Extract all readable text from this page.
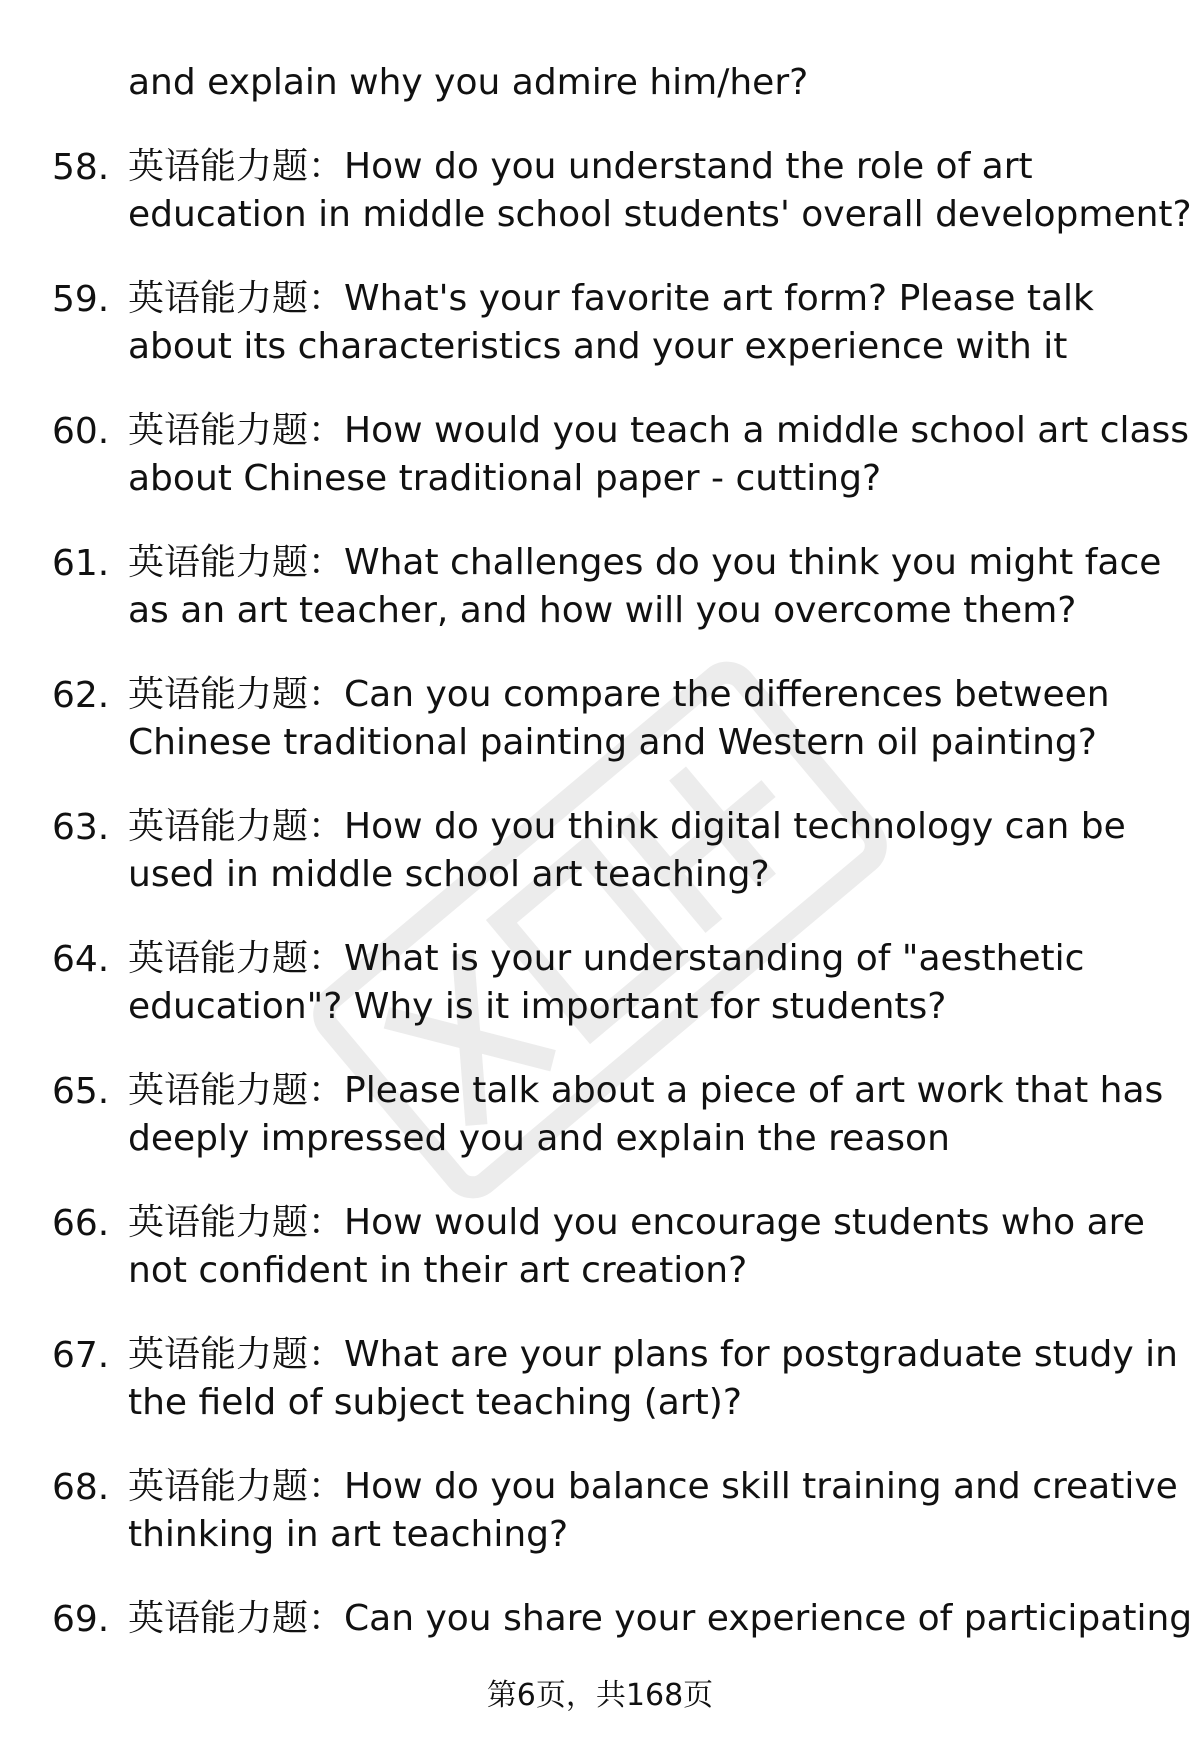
and explain why you admire him/her?
58. 英语能力题：How do you understand the role of art
education in middle school students' overall development?
59. 英语能力题：What's your favorite art form? Please talk
about its characteristics and your experience with it
60. 英语能力题：How would you teach a middle school art class
about Chinese traditional paper - cutting?
61. 英语能力题：What challenges do you think you might face
as an art teacher, and how will you overcome them?
62. 英语能力题：Can you compare the differences between
Chinese traditional painting and Western oil painting?
63. 英语能力题：How do you think digital technology can be
used in middle school art teaching?
64. 英语能力题：What is your understanding of "aesthetic
education"? Why is it important for students?
65. 英语能力题：Please talk about a piece of art work that has
deeply impressed you and explain the reason
66. 英语能力题：How would you encourage students who are
not confident in their art creation?
67. 英语能力题：What are your plans for postgraduate study in
the field of subject teaching (art)?
68. 英语能力题：How do you balance skill training and creative
thinking in art teaching?
69. 英语能力题：Can you share your experience of participating
第6页，共168页
